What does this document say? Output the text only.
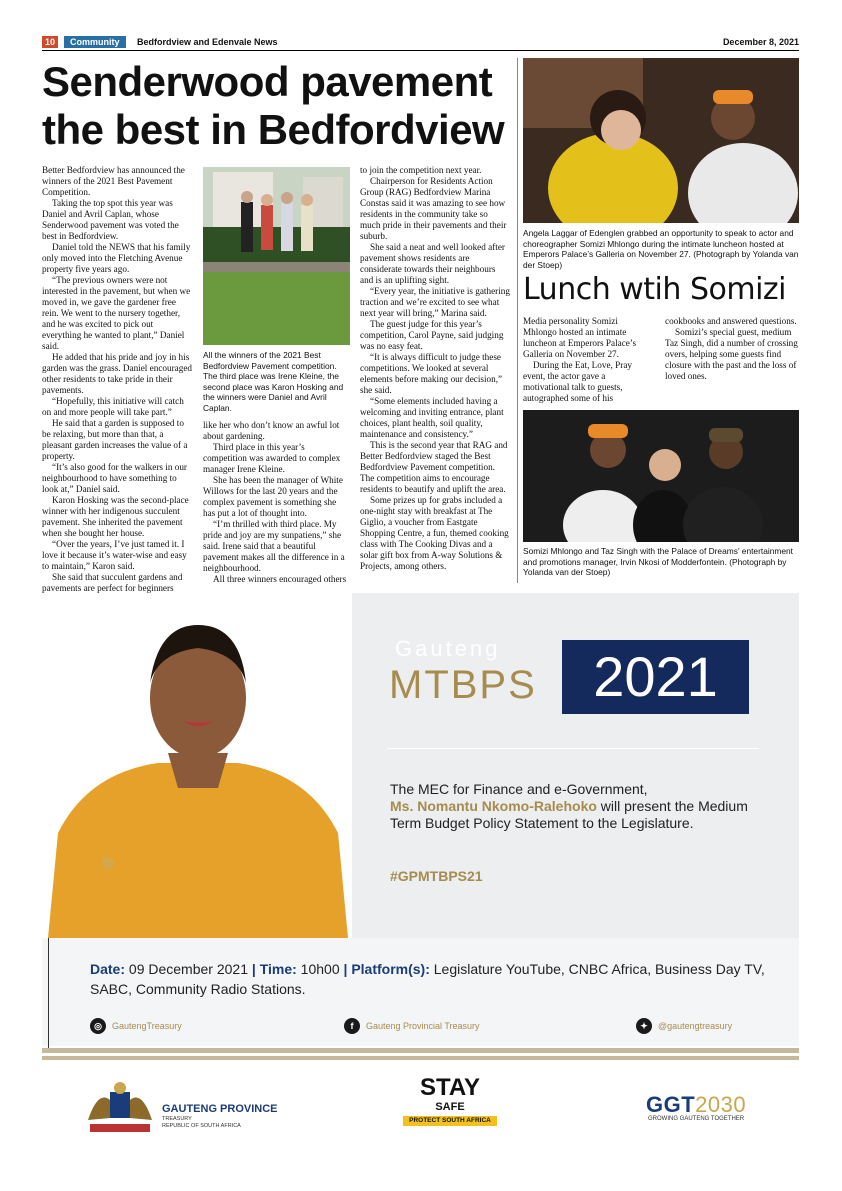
10	Community	Bedfordview and Edenvale News	December 8, 2021
Senderwood pavement the best in Bedfordview

Better Bedfordview has announced the winners of the 2021 Best Pavement Competition.

Taking the top spot this year was Daniel and Avril Caplan, whose Senderwood pavement was voted the best in Bedfordview.

Daniel told the NEWS that his family only moved into the Fletching Avenue property five years ago.

“The previous owners were not interested in the pavement, but when we moved in, we gave the gardener free rein. We went to the nursery together, and he was excited to pick out everything he wanted to plant,” Daniel said.

He added that his pride and joy in his garden was the grass. Daniel encouraged other residents to take pride in their pavements.

“Hopefully, this initiative will catch on and more people will take part.”

He said that a garden is supposed to be relaxing, but more than that, a pleasant garden increases the value of a property.

“It’s also good for the walkers in our neighbourhood to have something to look at,” Daniel said.

Karon Hosking was the second-place winner with her indigenous succulent pavement. She inherited the pavement when she bought her house.

“Over the years, I’ve just tamed it. I love it because it’s water-wise and easy to maintain,” Karon said.

She said that succulent gardens and pavements are perfect for beginners

All the winners of the 2021 Best Bedfordview Pavement competition. The third place was Irene Kleine, the second place was Karon Hosking and the winners were Daniel and Avril Caplan.

like her who don’t know an awful lot about gardening.

Third place in this year’s competition was awarded to complex manager Irene Kleine.

She has been the manager of White Willows for the last 20 years and the complex pavement is something she has put a lot of thought into.

“I’m thrilled with third place. My pride and joy are my sunpatiens,” she said. Irene said that a beautiful pavement makes all the difference in a neighbourhood.

All three winners encouraged others

to join the competition next year.

Chairperson for Residents Action Group (RAG) Bedfordview Marina Constas said it was amazing to see how residents in the community take so much pride in their pavements and their suburb.

She said a neat and well looked after pavement shows residents are considerate towards their neighbours and is an uplifting sight.

“Every year, the initiative is gathering traction and we’re excited to see what next year will bring,” Marina said.

The guest judge for this year’s competition, Carol Payne, said judging was no easy feat.

“It is always difficult to judge these competitions. We looked at several elements before making our decision,” she said.

“Some elements included having a welcoming and inviting entrance, plant choices, plant health, soil quality, maintenance and consistency.”

This is the second year that RAG and Better Bedfordview staged the Best Bedfordview Pavement competition. The competition aims to encourage residents to beautify and uplift the area.

Some prizes up for grabs included a one-night stay with breakfast at The Giglio, a voucher from Eastgate Shopping Centre, a fun, themed cooking class with The Cooking Divas and a solar gift box from A-way Solutions & Projects, among others.

Angela Laggar of Edenglen grabbed an opportunity to speak to actor and choreographer Somizi Mhlongo during the intimate luncheon hosted at Emperors Palace’s Galleria on November 27. (Photograph by Yolanda van der Stoep)
Lunch wtih Somizi

Media personality Somizi Mhlongo hosted an intimate luncheon at Emperors Palace’s Galleria on November 27.

During the Eat, Love, Pray event, the actor gave a motivational talk to guests, autographed some of his

cookbooks and answered questions.

Somizi’s special guest, medium Taz Singh, did a number of crossing overs, helping some guests find closure with the past and the loss of loved ones.

Somizi Mhlongo and Taz Singh with the Palace of Dreams’ entertainment and promotions manager, Irvin Nkosi of Modderfontein. (Photograph by Yolanda van der Stoep)
Gauteng
MTBPS	2021
The MEC for Finance and e-Government,
Ms. Nomantu Nkomo-Ralehoko will present the Medium Term Budget Policy Statement to the Legislature.
#GPMTBPS21
Date: 09 December 2021 | Time: 10h00 | Platform(s): Legislature YouTube, CNBC Africa, Business Day TV, SABC, Community Radio Stations.
◎	GautengTreasury	f	Gauteng Provincial Treasury	✦	@gautengtreasury
GAUTENG PROVINCE
TREASURY
REPUBLIC OF SOUTH AFRICA
STAY
SAFE
PROTECT SOUTH AFRICA
GGT2030
GROWING GAUTENG TOGETHER
